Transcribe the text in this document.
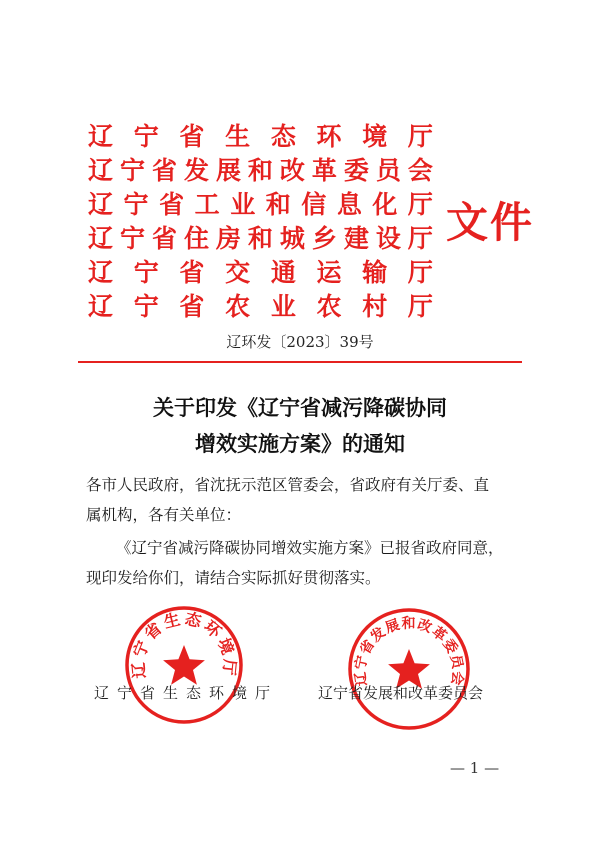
辽 宁 省 生 态 环 境 厅
辽 宁 省 发 展 和 改 革 委 员 会
辽 宁 省 工 业 和 信 息 化 厅
辽 宁 省 住 房 和 城 乡 建 设 厅
辽 宁 省 交 通 运 输 厅
辽 宁 省 农 业 农 村 厅
文件
辽环发〔2023〕39号
关于印发《辽宁省减污降碳协同
增效实施方案》的通知
各市人民政府，省沈抚示范区管委会，省政府有关厅委、直
属机构，各有关单位：
《辽宁省减污降碳协同增效实施方案》已报省政府同意，
现印发给你们，请结合实际抓好贯彻落实。
辽宁省生态环境厅	辽宁省发展和改革委员会
辽宁省生态环境厅	辽宁省发展和改革委员会
— 1 —
